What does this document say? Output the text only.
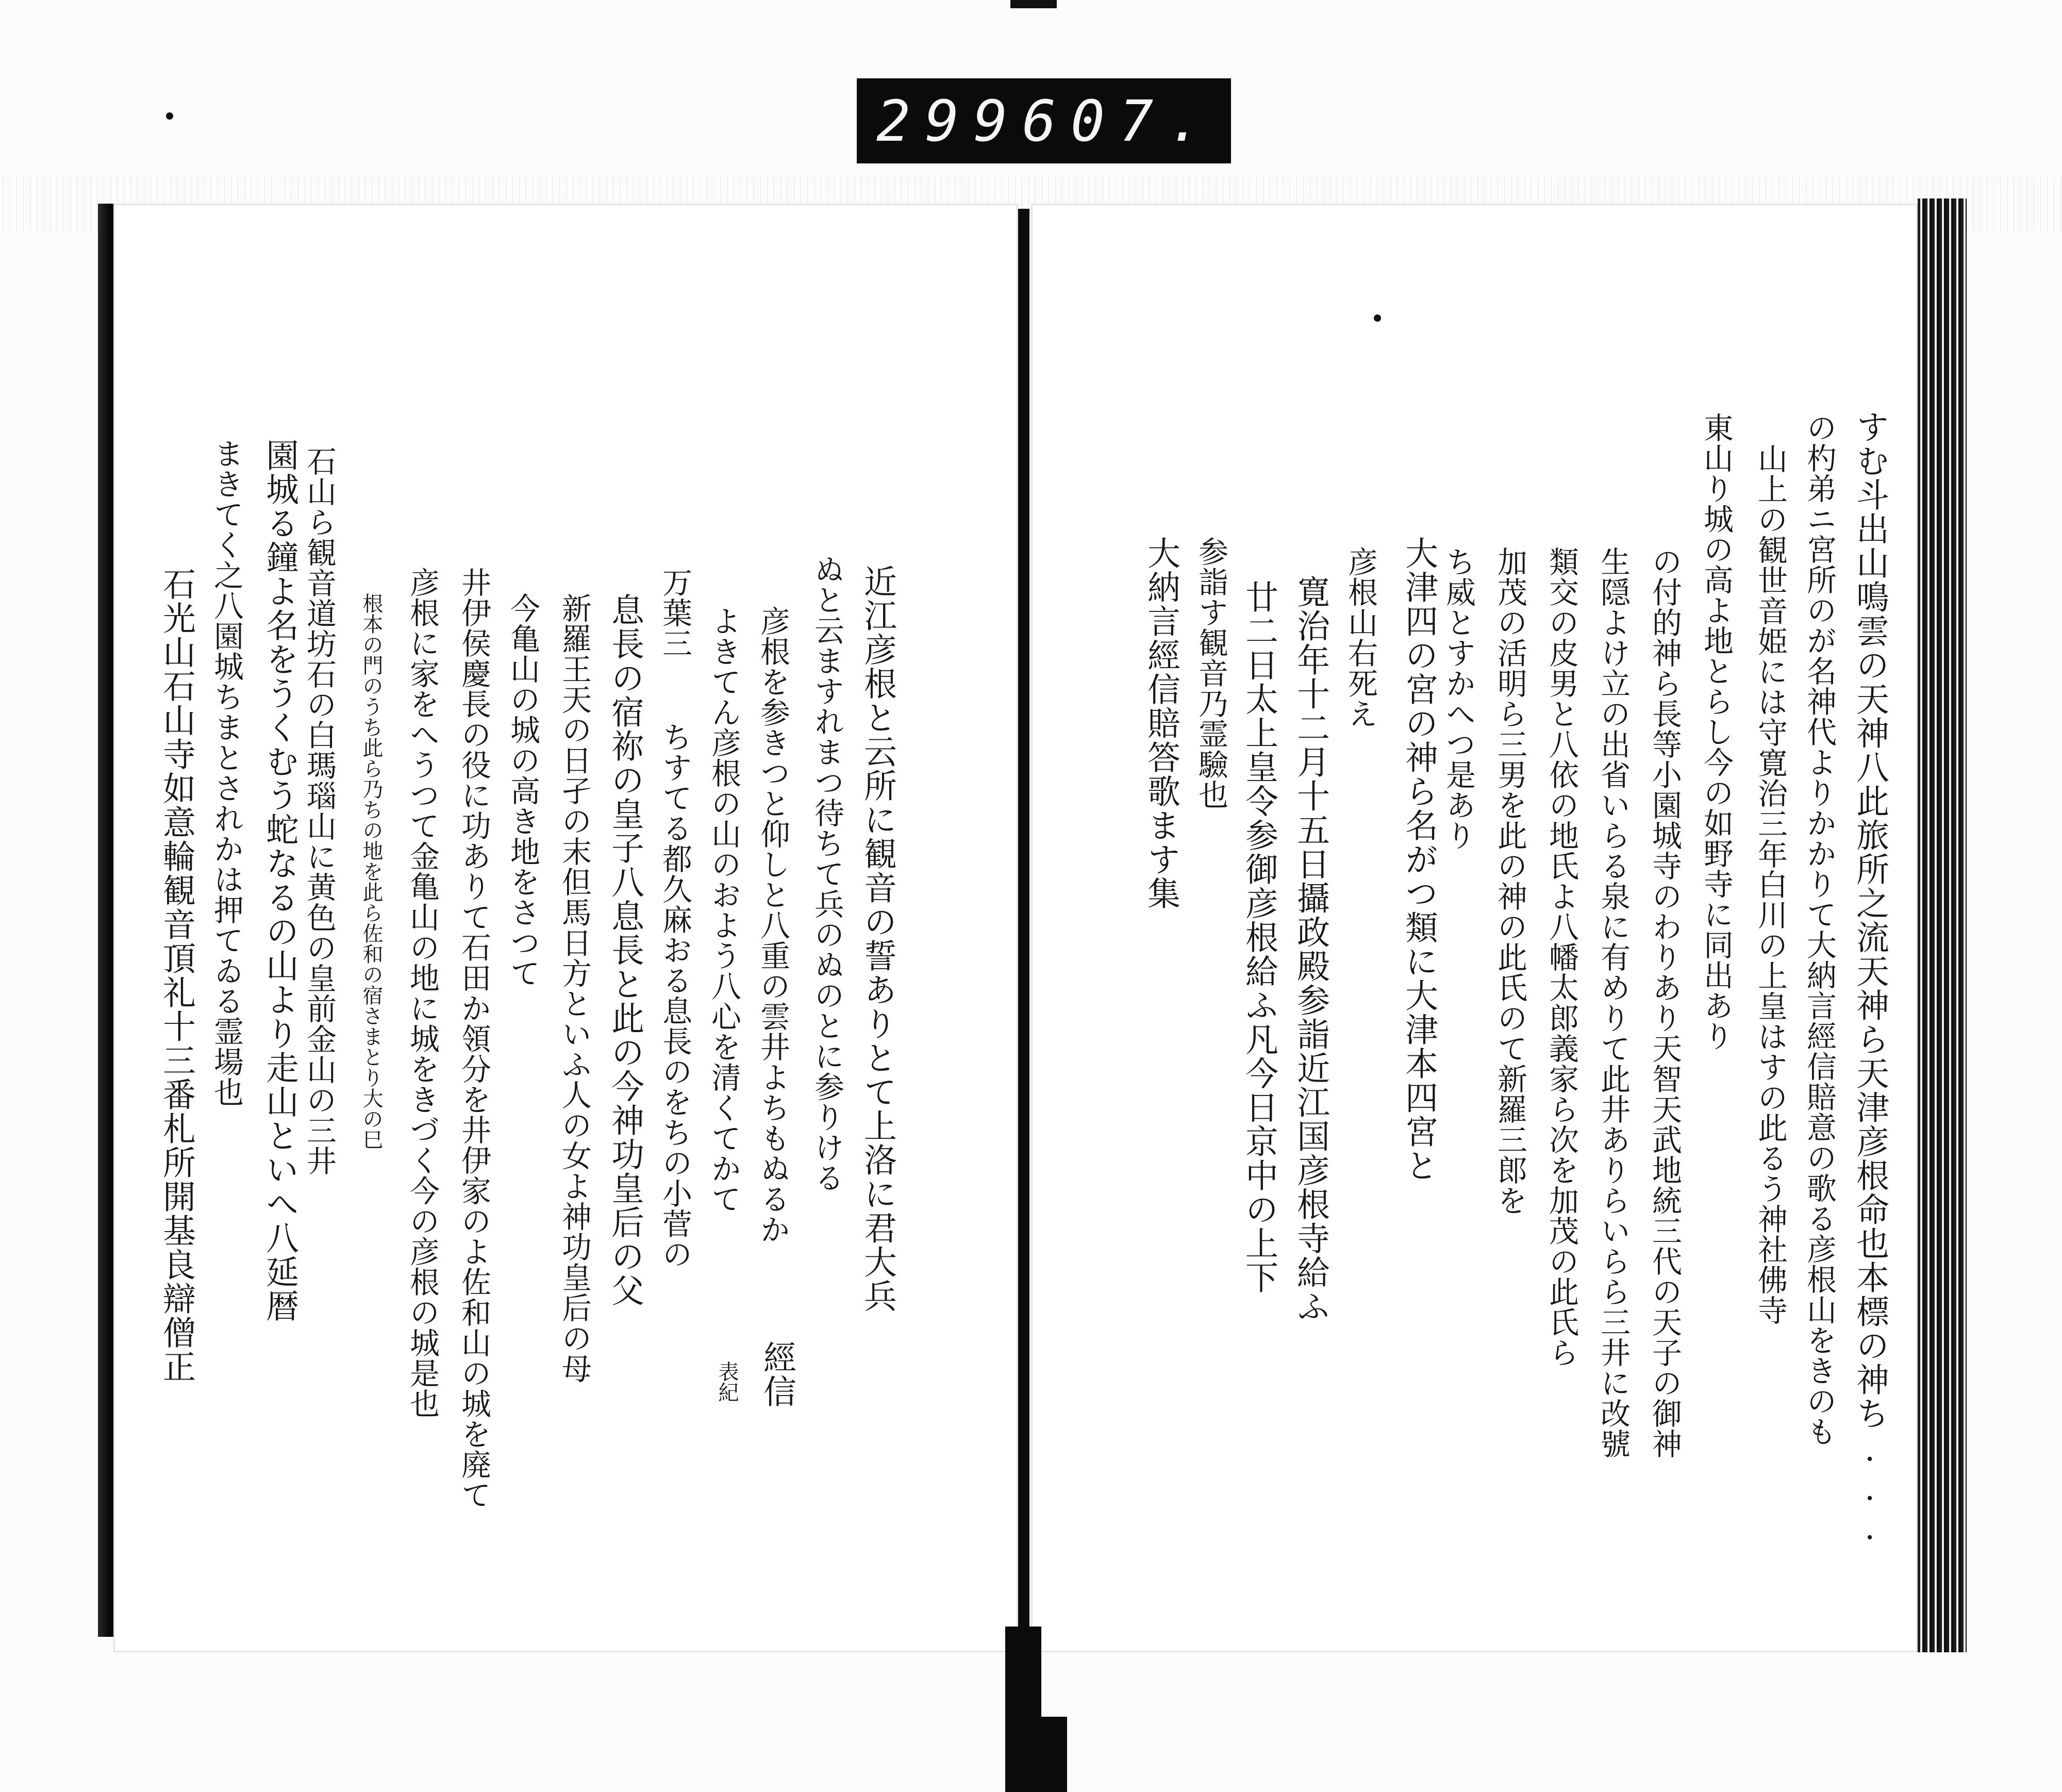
299 607.
すむ斗出山鳴雲の天神八此旅所之流天神ら天津彦根命也本標の神ち...
の杓弟ニ宮所のが名神代よりかかりて大納言經信賠意の歌る彦根山をきのも
山上の観世音姫には守寛治三年白川の上皇はすの此るう神社佛寺
東山り城の高よ地とらし今の如野寺に同出あり
の付的神ら長等小園城寺のわりあり天智天武地統三代の天子の御神
生隠よけ立の出省いらる泉に有めりて此井ありらいらら三井に改號
類交の皮男と八依の地氏よ八幡太郎義家ら次を加茂の此氏ら
加茂の活明ら三男を此の神の此氏のて新羅三郎を
ち威とすかへつ是あり
大津四の宮の神ら名がつ類に大津本四宮と
彦根山右死え
寛治年十二月十五日攝政殿参詣近江国彦根寺給ふ
廿二日太上皇令参御彦根給ふ凡今日京中の上下
参詣す観音乃霊驗也
大納言經信賠答歌ます集
近江彦根と云所に観音の誓ありとて上洛に君大兵
ぬと云ますれまつ待ちて兵のぬのとに参りける
經信
彦根を参きつと仰しと八重の雲井よちもぬるか
よきてん彦根の山のおよう八心を清くてかて
表紀
万葉三
ちすてる都久麻おる息長のをちの小菅の
息長の宿祢の皇子八息長と此の今神功皇后の父
新羅王天の日孑の末但馬日方といふ人の女よ神功皇后の母
今亀山の城の高き地をさつて
井伊侯慶長の役に功ありて石田か領分を井伊家のよ佐和山の城を廃て
彦根に家をへうつて金亀山の地に城をきづく今の彦根の城是也
根本の門のうち此ら乃ちの地を此ら佐和の宿さまとり大の巳
石山ら観音道坊石の白瑪瑙山に黄色の皇前金山の三井
園城る鐘よ名をうくむう蛇なるの山より走山といへ八延暦
まきてく之八園城ちまとされかは押てゐる霊場也
石光山石山寺如意輪観音頂礼十三番札所開基良辯僧正
